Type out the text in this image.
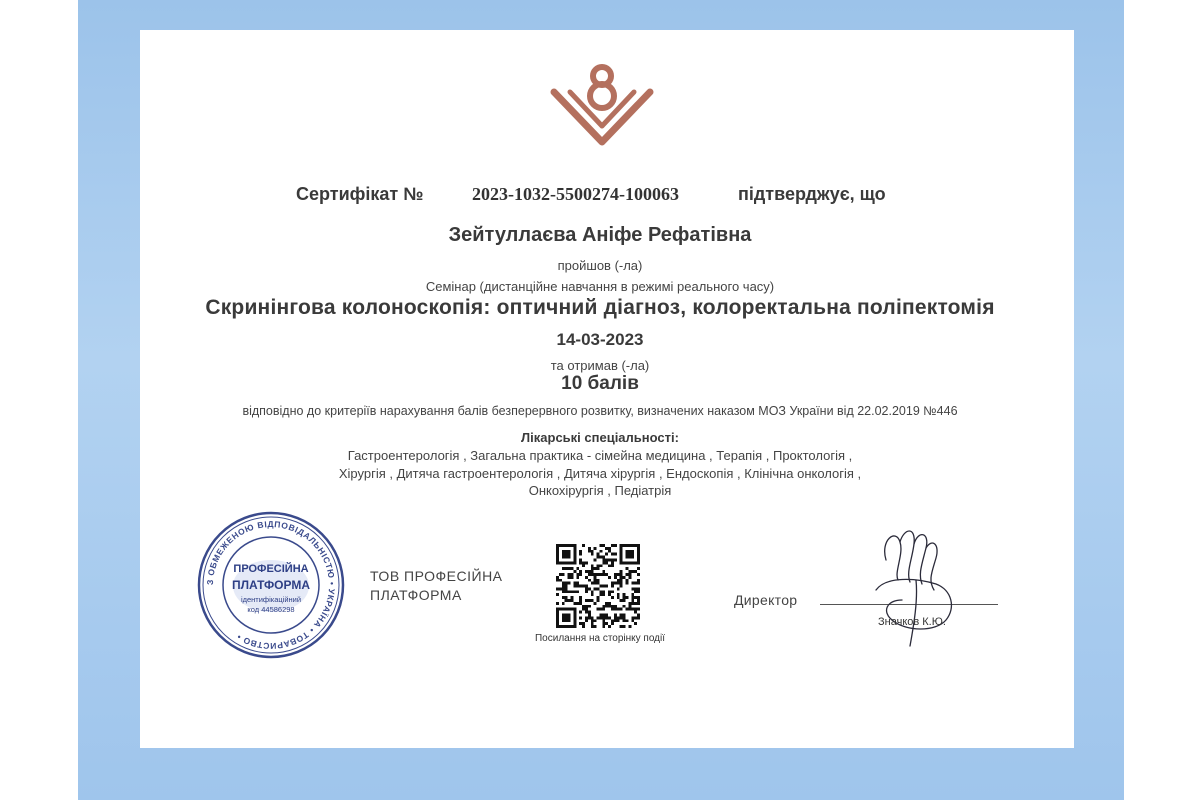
Сертифікат №	2023-1032-5500274-100063	підтверджує, що
Зейтуллаєва Аніфе Рефатівна
пройшов (-ла)
Семінар (дистанційне навчання в режимі реального часу)
Скринінгова колоноскопія: оптичний діагноз, колоректальна поліпектомія
14-03-2023
та отримав (-ла)
10 балів
відповідно до критеріїв нарахування балів безперервного розвитку, визначених наказом МОЗ України від 22.02.2019 №446
Лікарські спеціальності:
Гастроентерологія , Загальна практика - сімейна медицина , Терапія , Проктологія ,
Хірургія , Дитяча гастроентерологія , Дитяча хірургія , Ендоскопія , Клінічна онкологія ,
Онкохірургія , Педіатрія
З ОБМЕЖЕНОЮ ВІДПОВІДАЛЬНІСТЮ • УКРАЇНА • ТОВАРИСТВО •
ПРОФЕСІЙНА
ПЛАТФОРМА
ідентифікаційний
код 44586298
ТОВ ПРОФЕСІЙНА
ПЛАТФОРМА
Посилання на сторінку події
Директор
Значков К.Ю.
